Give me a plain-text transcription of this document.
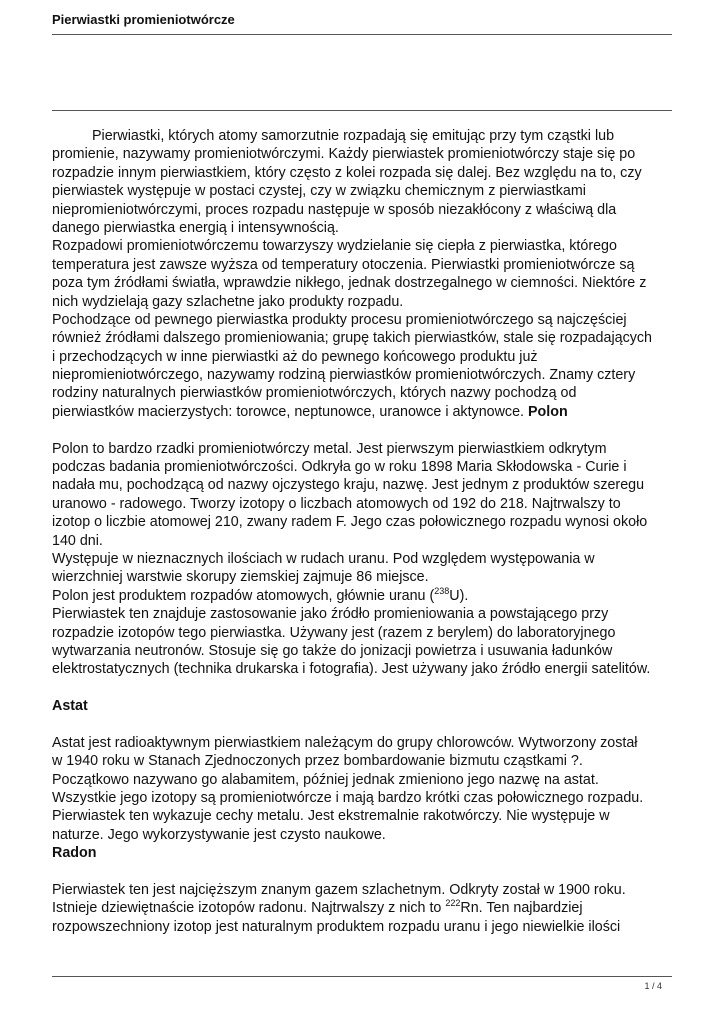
Pierwiastki promieniotwórcze
Pierwiastki, których atomy samorzutnie rozpadają się emitując przy tym cząstki lub
promienie, nazywamy promieniotwórczymi. Każdy pierwiastek promieniotwórczy staje się po
rozpadzie innym pierwiastkiem, który często z kolei rozpada się dalej. Bez względu na to, czy
pierwiastek występuje w postaci czystej, czy w związku chemicznym z pierwiastkami
niepromieniotwórczymi, proces rozpadu następuje w sposób niezakłócony z właściwą dla
danego pierwiastka energią i intensywnością.
Rozpadowi promieniotwórczemu towarzyszy wydzielanie się ciepła z pierwiastka, którego
temperatura jest zawsze wyższa od temperatury otoczenia. Pierwiastki promieniotwórcze są
poza tym źródłami światła, wprawdzie nikłego, jednak dostrzegalnego w ciemności. Niektóre z
nich wydzielają gazy szlachetne jako produkty rozpadu.
Pochodzące od pewnego pierwiastka produkty procesu promieniotwórczego są najczęściej
również źródłami dalszego promieniowania; grupę takich pierwiastków, stale się rozpadających
i przechodzących w inne pierwiastki aż do pewnego końcowego produktu już
niepromieniotwórczego, nazywamy rodziną pierwiastków promieniotwórczych. Znamy cztery
rodziny naturalnych pierwiastków promieniotwórczych, których nazwy pochodzą od
pierwiastków macierzystych: torowce, neptunowce, uranowce i aktynowce. Polon
Polon to bardzo rzadki promieniotwórczy metal. Jest pierwszym pierwiastkiem odkrytym
podczas badania promieniotwórczości. Odkryła go w roku 1898 Maria Skłodowska - Curie i
nadała mu, pochodzącą od nazwy ojczystego kraju, nazwę. Jest jednym z produktów szeregu
uranowo - radowego. Tworzy izotopy o liczbach atomowych od 192 do 218. Najtrwalszy to
izotop o liczbie atomowej 210, zwany radem F. Jego czas połowicznego rozpadu wynosi około
140 dni.
Występuje w nieznacznych ilościach w rudach uranu. Pod względem występowania w
wierzchniej warstwie skorupy ziemskiej zajmuje 86 miejsce.
Polon jest produktem rozpadów atomowych, głównie uranu ($^{238}$U).
Pierwiastek ten znajduje zastosowanie jako źródło promieniowania a powstającego przy
rozpadzie izotopów tego pierwiastka. Używany jest (razem z berylem) do laboratoryjnego
wytwarzania neutronów. Stosuje się go także do jonizacji powietrza i usuwania ładunków
elektrostatycznych (technika drukarska i fotografia). Jest używany jako źródło energii satelitów.
Astat
Astat jest radioaktywnym pierwiastkiem należącym do grupy chlorowców. Wytworzony został
w 1940 roku w Stanach Zjednoczonych przez bombardowanie bizmutu cząstkami ?.
Początkowo nazywano go alabamitem, później jednak zmieniono jego nazwę na astat.
Wszystkie jego izotopy są promieniotwórcze i mają bardzo krótki czas połowicznego rozpadu.
Pierwiastek ten wykazuje cechy metalu. Jest ekstremalnie rakotwórczy. Nie występuje w
naturze. Jego wykorzystywanie jest czysto naukowe.
Radon
Pierwiastek ten jest najcięższym znanym gazem szlachetnym. Odkryty został w 1900 roku.
Istnieje dziewiętnaście izotopów radonu. Najtrwalszy z nich to $^{222}$Rn. Ten najbardziej
rozpowszechniony izotop jest naturalnym produktem rozpadu uranu i jego niewielkie ilości
1 / 4
